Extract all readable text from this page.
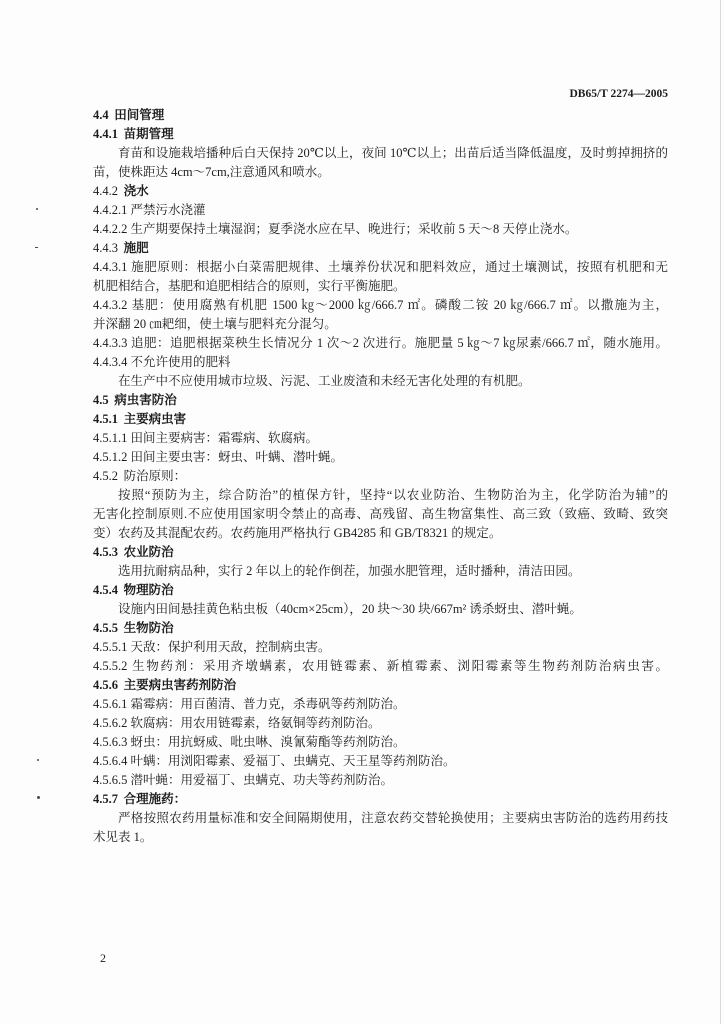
DB65/T 2274—2005
4.4 田间管理
4.4.1 苗期管理
育苗和设施栽培播种后白天保持 20℃以上，夜间 10℃以上；出苗后适当降低温度，及时剪掉拥挤的
苗，使株距达 4cm～7cm,注意通风和喷水。
4.4.2 浇水
4.4.2.1 严禁污水浇灌
4.4.2.2 生产期要保持土壤湿润；夏季浇水应在早、晚进行；采收前 5 天～8 天停止浇水。
4.4.3 施肥
4.4.3.1 施肥原则：根据小白菜需肥规律、土壤养份状况和肥料效应，通过土壤测试，按照有机肥和无
机肥相结合，基肥和追肥相结合的原则，实行平衡施肥。
4.4.3.2 基肥：使用腐熟有机肥 1500 ㎏～2000 ㎏/666.7 ㎡。磷酸二铵 20 ㎏/666.7 ㎡。以撒施为主，
并深翻 20 ㎝耙细，使土壤与肥料充分混匀。
4.4.3.3 追肥：追肥根据菜秧生长情况分 1 次～2 次进行。施肥量 5 ㎏～7 ㎏尿素/666.7 ㎡，随水施用。
4.4.3.4 不允许使用的肥料
在生产中不应使用城市垃圾、污泥、工业废渣和未经无害化处理的有机肥。
4.5 病虫害防治
4.5.1 主要病虫害
4.5.1.1 田间主要病害：霜霉病、软腐病。
4.5.1.2 田间主要虫害：蚜虫、叶螨、潜叶蝇。
4.5.2 防治原则：
按照“预防为主，综合防治”的植保方针，坚持“以农业防治、生物防治为主，化学防治为辅”的
无害化控制原则.不应使用国家明令禁止的高毒、高残留、高生物富集性、高三致（致癌、致畸、致突
变）农药及其混配农药。农药施用严格执行 GB4285 和 GB/T8321 的规定。
4.5.3 农业防治
选用抗耐病品种，实行 2 年以上的轮作倒茬，加强水肥管理，适时播种，清洁田园。
4.5.4 物理防治
设施内田间悬挂黄色粘虫板（40cm×25cm），20 块～30 块/667m² 诱杀蚜虫、潜叶蝇。
4.5.5 生物防治
4.5.5.1 天敌：保护利用天敌，控制病虫害。
4.5.5.2 生物药剂：采用齐墩螨素，农用链霉素、新植霉素、浏阳霉素等生物药剂防治病虫害。
4.5.6 主要病虫害药剂防治
4.5.6.1 霜霉病：用百菌清、普力克，杀毒矾等药剂防治。
4.5.6.2 软腐病：用农用链霉素，络氨铜等药剂防治。
4.5.6.3 蚜虫：用抗蚜威、吡虫啉、溴氰菊酯等药剂防治。
4.5.6.4 叶螨：用浏阳霉素、爱福丁、虫螨克、天王星等药剂防治。
4.5.6.5 潜叶蝇：用爱福丁、虫螨克、功夫等药剂防治。
4.5.7 合理施药：
严格按照农药用量标准和安全间隔期使用，注意农药交替轮换使用；主要病虫害防治的选药用药技
术见表 1。
2
